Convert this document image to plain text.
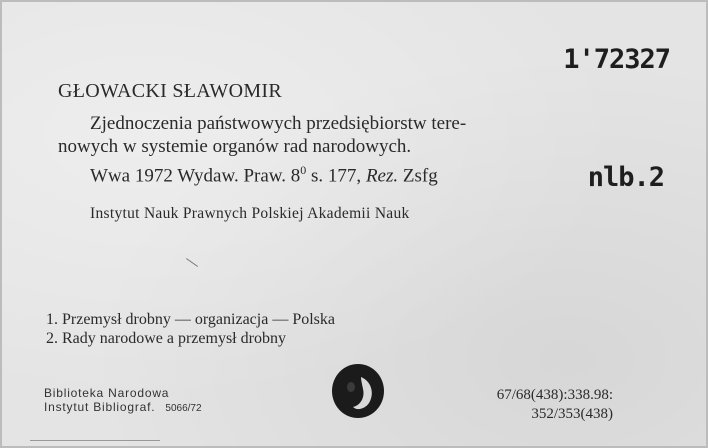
1'72327
GŁOWACKI SŁAWOMIR
Zjednoczenia państwowych przedsiębiorstw tere-
nowych w systemie organów rad narodowych.
Wwa 1972 Wydaw. Praw. $8^0$ s. 177, Rez. Zsfg	nlb.2
Instytut Nauk Prawnych Polskiej Akademii Nauk
1. Przemysł drobny — organizacja — Polska
2. Rady narodowe a przemysł drobny
Biblioteka Narodowa
Instytut Bibliograf. 5066/72
67/68(438):338.98:
352/353(438)
